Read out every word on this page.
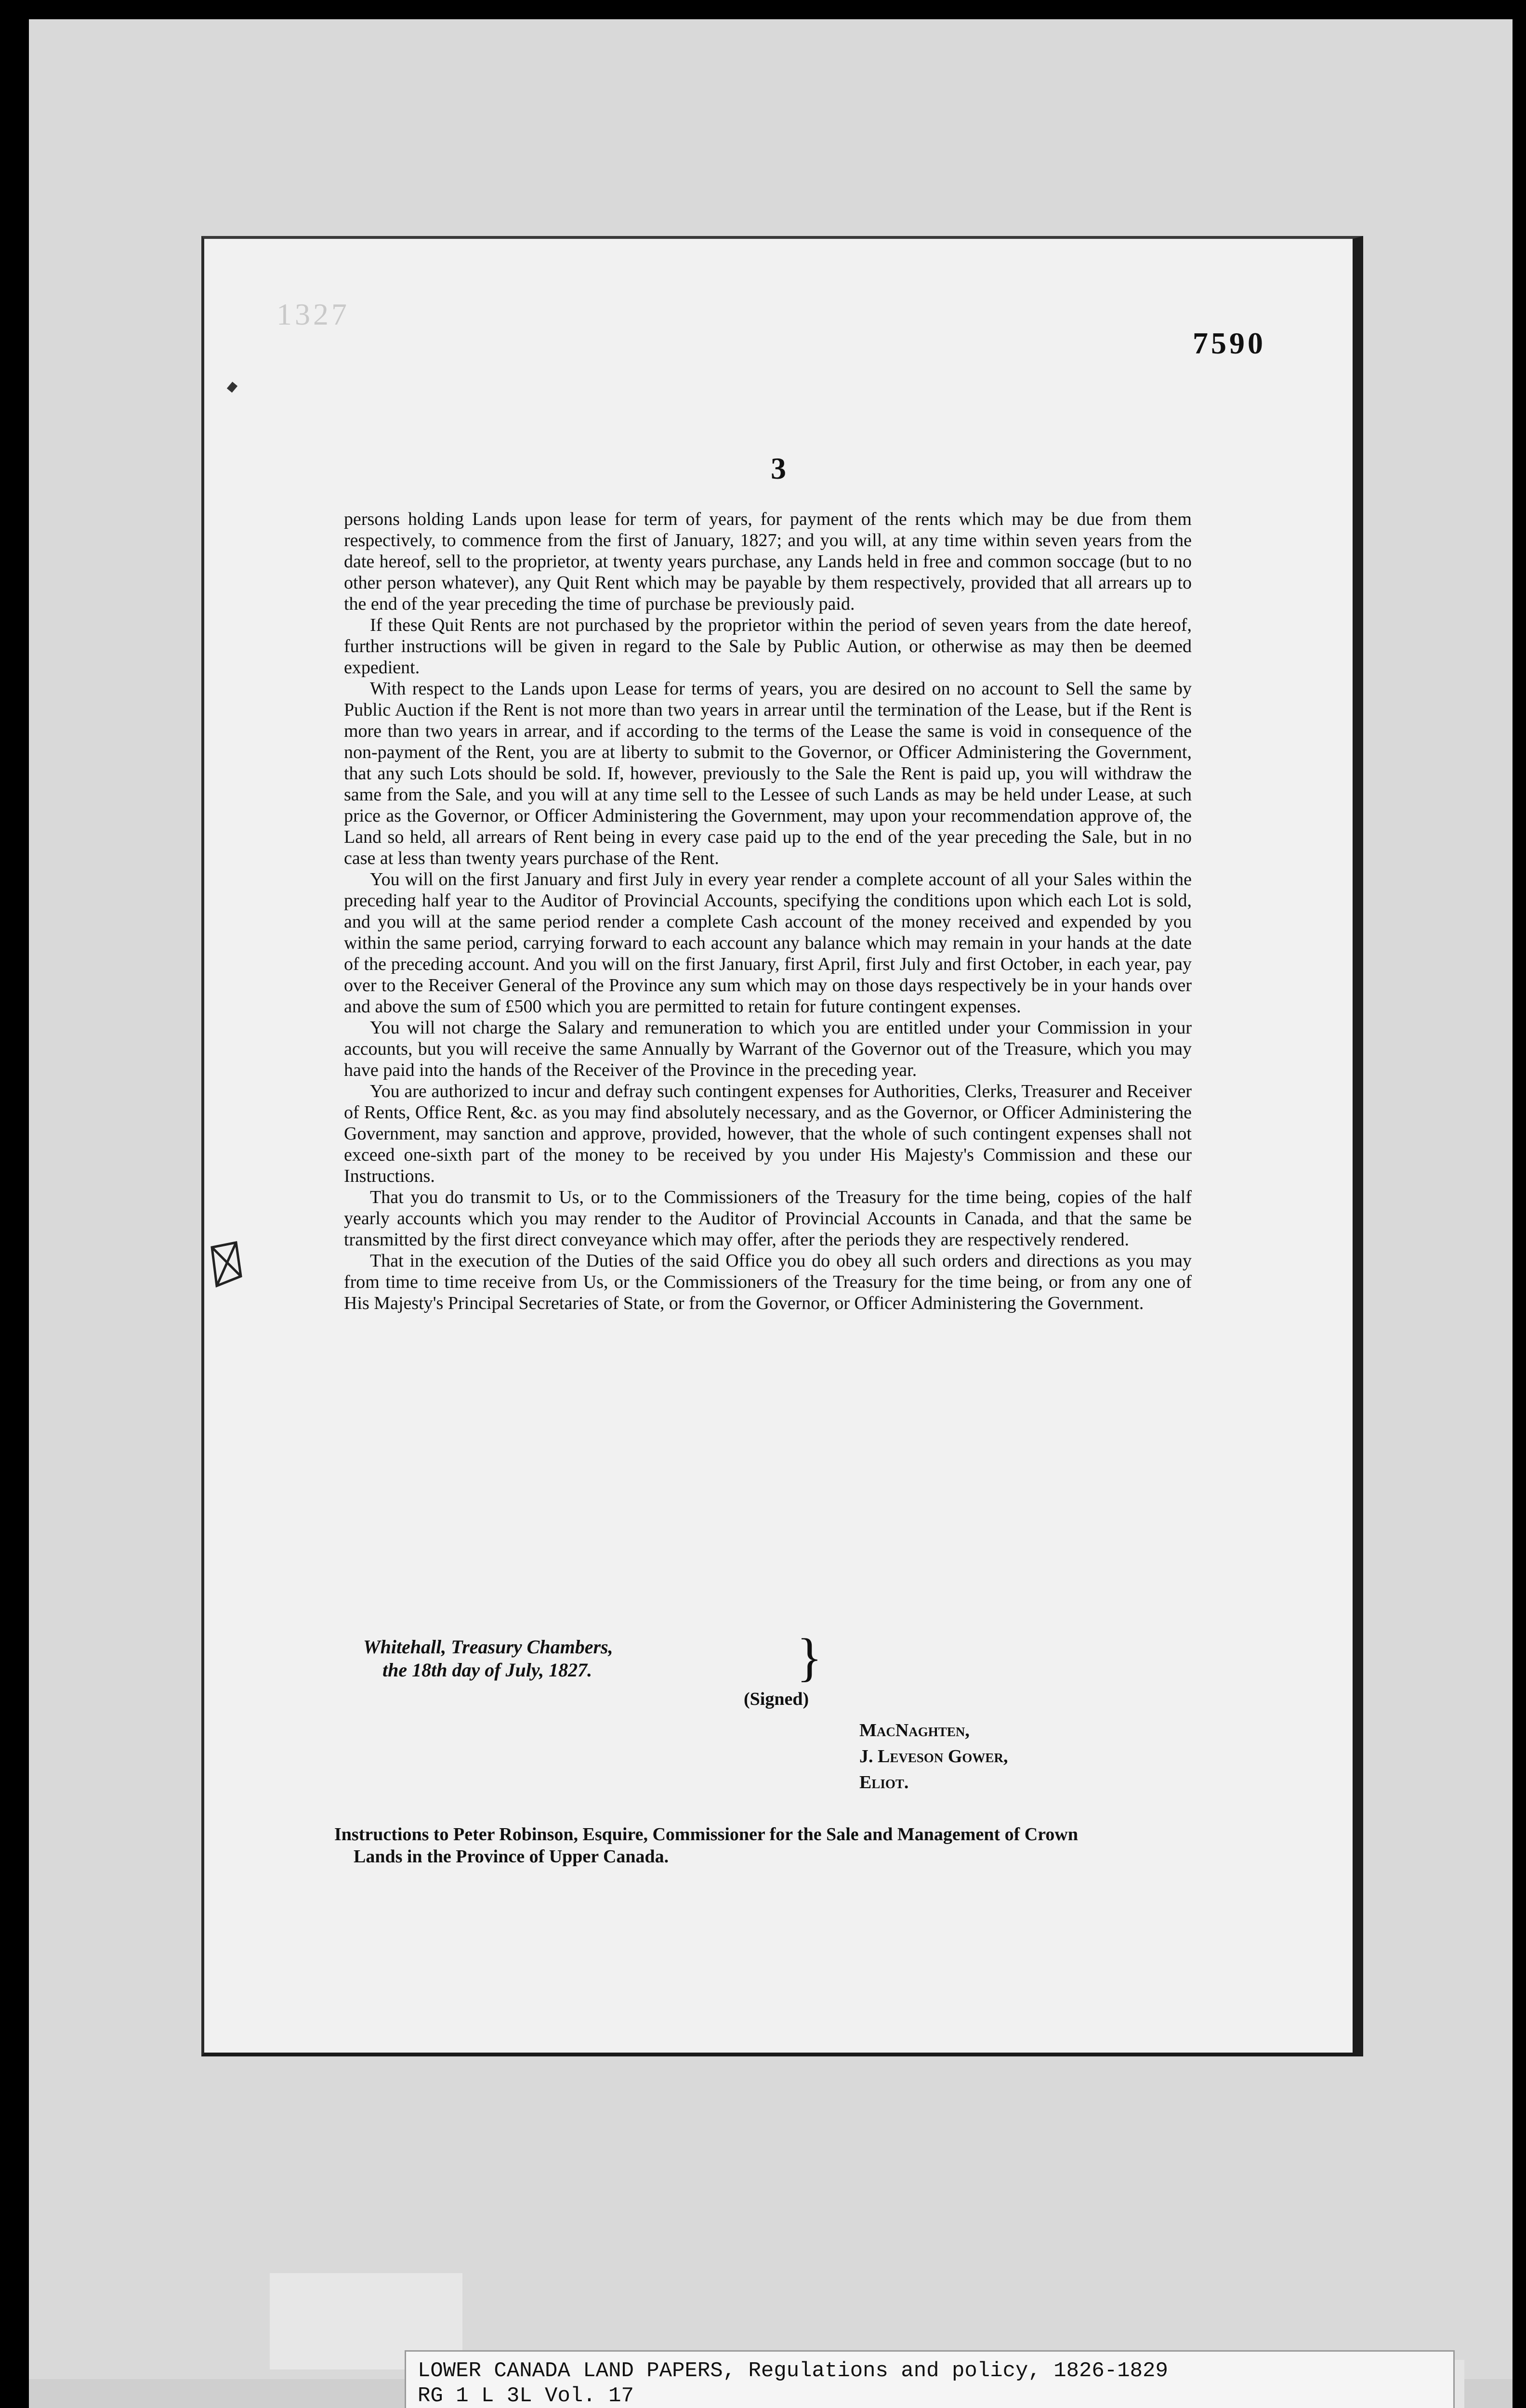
1327
7590
3

persons holding Lands upon lease for term of years, for payment of the rents which may be due from them respectively, to commence from the first of January, 1827; and you will, at any time within seven years from the date hereof, sell to the proprietor, at twenty years purchase, any Lands held in free and common soccage (but to no other person whatever), any Quit Rent which may be payable by them respectively, provided that all arrears up to the end of the year preceding the time of purchase be previously paid.

If these Quit Rents are not purchased by the proprietor within the period of seven years from the date hereof, further instructions will be given in regard to the Sale by Public Aution, or otherwise as may then be deemed expedient.

With respect to the Lands upon Lease for terms of years, you are desired on no account to Sell the same by Public Auction if the Rent is not more than two years in arrear until the termination of the Lease, but if the Rent is more than two years in arrear, and if according to the terms of the Lease the same is void in consequence of the non-payment of the Rent, you are at liberty to submit to the Governor, or Officer Administering the Government, that any such Lots should be sold. If, however, previously to the Sale the Rent is paid up, you will withdraw the same from the Sale, and you will at any time sell to the Lessee of such Lands as may be held under Lease, at such price as the Governor, or Officer Administering the Government, may upon your recommendation approve of, the Land so held, all arrears of Rent being in every case paid up to the end of the year preceding the Sale, but in no case at less than twenty years purchase of the Rent.

You will on the first January and first July in every year render a complete account of all your Sales within the preceding half year to the Auditor of Provincial Accounts, specifying the conditions upon which each Lot is sold, and you will at the same period render a complete Cash account of the money received and expended by you within the same period, carrying forward to each account any balance which may remain in your hands at the date of the preceding account. And you will on the first January, first April, first July and first October, in each year, pay over to the Receiver General of the Province any sum which may on those days respectively be in your hands over and above the sum of £500 which you are permitted to retain for future contingent expenses.

You will not charge the Salary and remuneration to which you are entitled under your Commission in your accounts, but you will receive the same Annually by Warrant of the Governor out of the Treasure, which you may have paid into the hands of the Receiver of the Province in the preceding year.

You are authorized to incur and defray such contingent expenses for Authorities, Clerks, Treasurer and Receiver of Rents, Office Rent, &c. as you may find absolutely necessary, and as the Governor, or Officer Administering the Government, may sanction and approve, provided, however, that the whole of such contingent expenses shall not exceed one-sixth part of the money to be received by you under His Majesty's Commission and these our Instructions.

That you do transmit to Us, or to the Commissioners of the Treasury for the time being, copies of the half yearly accounts which you may render to the Auditor of Provincial Accounts in Canada, and that the same be transmitted by the first direct conveyance which may offer, after the periods they are respectively rendered.

That in the execution of the Duties of the said Office you do obey all such orders and directions as you may from time to time receive from Us, or the Commissioners of the Treasury for the time being, or from any one of His Majesty's Principal Secretaries of State, or from the Governor, or Officer Administering the Government.

Whitehall, Treasury Chambers,
the 18th day of July, 1827.	}
(Signed)
MacNaghten,
J. Leveson Gower,
Eliot.
Instructions to Peter Robinson, Esquire, Commissioner for the Sale and Management of Crown
Lands in the Province of Upper Canada.
LOWER CANADA LAND PAPERS, Regulations and policy, 1826-1829
RG 1 L 3L Vol. 17
